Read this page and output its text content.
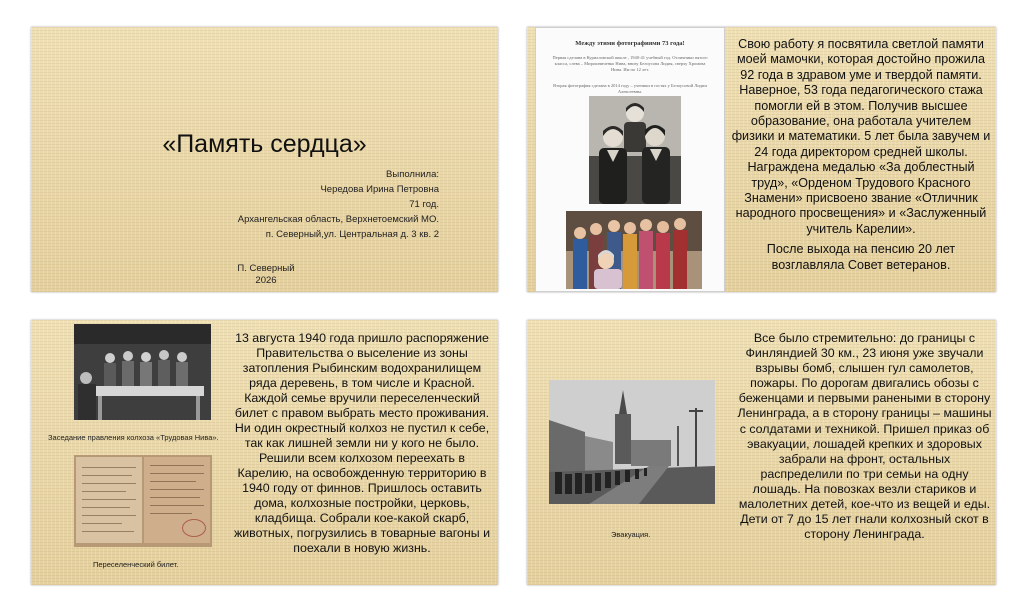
«Память сердца»
Выполнила:
Чередова Ирина Петровна
71 год.
Архангельская область, Верхнетоемский МО.
п. Северный,ул. Центральная д. 3 кв. 2
П. Северный
2026
Между этими фотографиями 73 года!
Первая сделана в Курилловской школе , 1940-41 учебный год. Отличники пятого класса, слева – Мирошниченко Нина, внизу Белоусова Лидия, сверху Хромова Нина. Им по 12 лет.
Вторая фотография сделана в 2014 году – ученики в гостях у Белоусовой Лидии Алексеевны.

Свою работу я посвятила светлой памяти моей мамочки, которая достойно прожила 92 года в здравом уме и твердой памяти. Наверное, 53 года педагогического стажа помогли ей в этом. Получив высшее образование, она работала учителем физики и математики. 5 лет была завучем и 24 года директором средней школы. Награждена медалью «За доблестный труд», «Орденом Трудового Красного Знамени» присвоено звание «Отличник народного просвещения» и «Заслуженный учитель Карелии».

После выхода на пенсию 20 лет возглавляла Совет ветеранов.

Заседание правления колхоза «Трудовая Нива».
Переселенческий билет.
13 августа 1940 года пришло распоряжение Правительства о выселение из зоны затопления Рыбинским водохранилищем ряда деревень, в том числе и Красной. Каждой семье вручили переселенческий билет с правом выбрать место проживания. Ни один окрестный колхоз не пустил к себе, так как лишней земли ни у кого не было. Решили всем колхозом переехать в Карелию, на освобожденную территорию в 1940 году от финнов. Пришлось оставить дома, колхозные постройки, церковь, кладбища. Собрали кое-какой скарб, животных, погрузились в товарные вагоны и поехали в новую жизнь.
Эвакуация.
Все было стремительно: до границы с Финляндией 30 км., 23 июня уже звучали взрывы бомб, слышен гул самолетов, пожары. По дорогам двигались обозы с беженцами и первыми ранеными в сторону Ленинграда, а в сторону границы – машины с солдатами и техникой. Пришел приказ об эвакуации, лошадей крепких и здоровых забрали на фронт, остальных распределили по три семьи на одну лошадь. На повозках везли стариков и малолетних детей, кое-что из вещей и еды. Дети от 7 до 15 лет гнали колхозный скот в сторону Ленинграда.
